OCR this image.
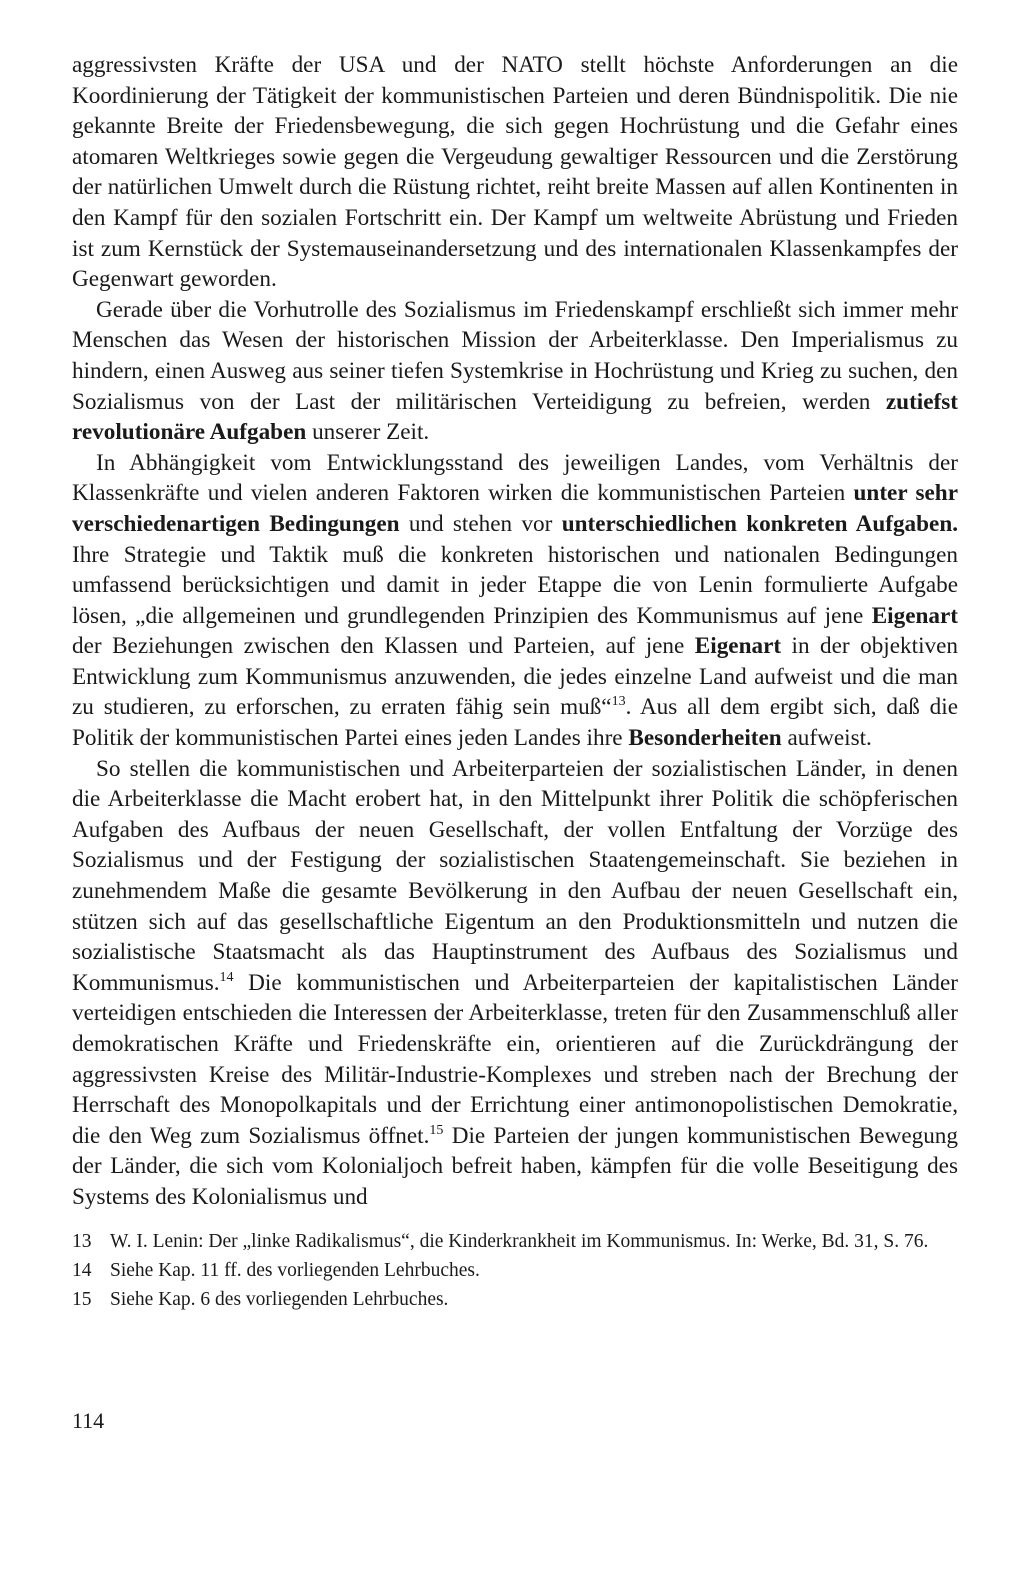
aggressivsten Kräfte der USA und der NATO stellt höchste Anforderungen an die Koordinierung der Tätigkeit der kommunistischen Parteien und deren Bündnispolitik. Die nie gekannte Breite der Friedensbewegung, die sich gegen Hochrüstung und die Gefahr eines atomaren Weltkrieges sowie gegen die Vergeudung gewaltiger Ressourcen und die Zerstörung der natürlichen Umwelt durch die Rüstung richtet, reiht breite Massen auf allen Kontinenten in den Kampf für den sozialen Fortschritt ein. Der Kampf um weltweite Abrüstung und Frieden ist zum Kernstück der Systemauseinandersetzung und des internationalen Klassenkampfes der Gegenwart geworden.

Gerade über die Vorhutrolle des Sozialismus im Friedenskampf erschließt sich immer mehr Menschen das Wesen der historischen Mission der Arbeiterklasse. Den Imperialismus zu hindern, einen Ausweg aus seiner tiefen Systemkrise in Hochrüstung und Krieg zu suchen, den Sozialismus von der Last der militärischen Verteidigung zu befreien, werden zutiefst revolutionäre Aufgaben unserer Zeit.

In Abhängigkeit vom Entwicklungsstand des jeweiligen Landes, vom Verhältnis der Klassenkräfte und vielen anderen Faktoren wirken die kommunistischen Parteien unter sehr verschiedenartigen Bedingungen und stehen vor unterschiedlichen konkreten Aufgaben. Ihre Strategie und Taktik muß die konkreten historischen und nationalen Bedingungen umfassend berücksichtigen und damit in jeder Etappe die von Lenin formulierte Aufgabe lösen, „die allgemeinen und grundlegenden Prinzipien des Kommunismus auf jene Eigenart der Beziehungen zwischen den Klassen und Parteien, auf jene Eigenart in der objektiven Entwicklung zum Kommunismus anzuwenden, die jedes einzelne Land aufweist und die man zu studieren, zu erforschen, zu erraten fähig sein muß“$^{13}$. Aus all dem ergibt sich, daß die Politik der kommunistischen Partei eines jeden Landes ihre Besonderheiten aufweist.

So stellen die kommunistischen und Arbeiterparteien der sozialistischen Länder, in denen die Arbeiterklasse die Macht erobert hat, in den Mittelpunkt ihrer Politik die schöpferischen Aufgaben des Aufbaus der neuen Gesellschaft, der vollen Entfaltung der Vorzüge des Sozialismus und der Festigung der sozialistischen Staatengemeinschaft. Sie beziehen in zunehmendem Maße die gesamte Bevölkerung in den Aufbau der neuen Gesellschaft ein, stützen sich auf das gesellschaftliche Eigentum an den Produktionsmitteln und nutzen die sozialistische Staatsmacht als das Hauptinstrument des Aufbaus des Sozialismus und Kommunismus.$^{14}$ Die kommunistischen und Arbeiterparteien der kapitalistischen Länder verteidigen entschieden die Interessen der Arbeiterklasse, treten für den Zusammenschluß aller demokratischen Kräfte und Friedenskräfte ein, orientieren auf die Zurückdrängung der aggressivsten Kreise des Militär-Industrie-Komplexes und streben nach der Brechung der Herrschaft des Monopolkapitals und der Errichtung einer antimonopolistischen Demokratie, die den Weg zum Sozialismus öffnet.$^{15}$ Die Parteien der jungen kommunistischen Bewegung der Länder, die sich vom Kolonialjoch befreit haben, kämpfen für die volle Beseitigung des Systems des Kolonialismus und

13 W. I. Lenin: Der „linke Radikalismus“, die Kinderkrankheit im Kommunismus. In: Werke, Bd. 31, S. 76.
14 Siehe Kap. 11 ff. des vorliegenden Lehrbuches.
15 Siehe Kap. 6 des vorliegenden Lehrbuches.
114
